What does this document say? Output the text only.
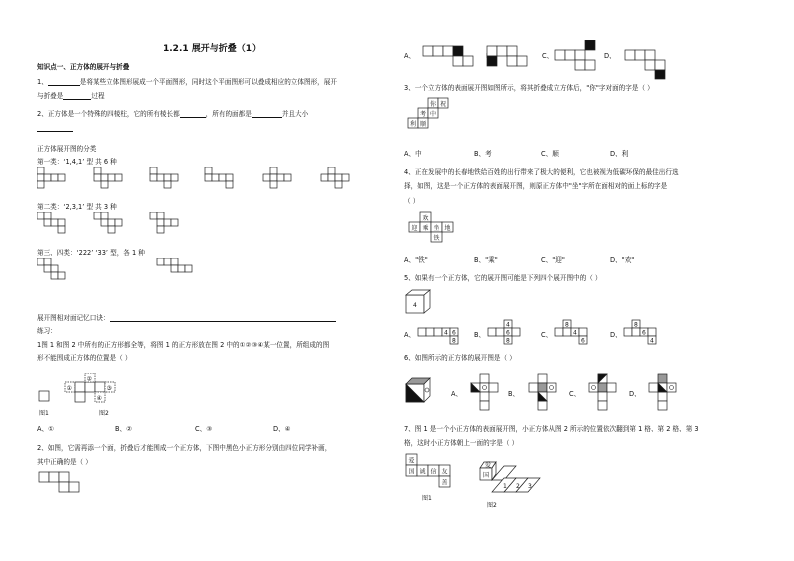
1.2.1 展开与折叠（1）
知识点一、正方体的展开与折叠
1、	是将某些立体图形展成一个平面图形，同时这个平面图形可以叠成相应的立体图形，展开
与折叠是	过程
2、正方体是一个特殊的四棱柱，它的所有棱长都	，所有的面都是	并且大小
正方体展开图的分类
第一类：‘1,4,1’ 型 共 6 种
第二类：‘2,3,1’ 型 共 3 种
第三、四类：‘222’ ‘33’ 型，各 1 种
展开图相对面记忆口诀：
练习：
1图 1 和图 2 中所有的正方形都全等，将图 1 的正方形放在图 2 中的①②③④某一位置，所组成的图
形不能围成正方体的位置是（ ）
②
①	③
④
图1	图2
A、①	B、②	C、③	D、④
2、如图，它需再添一个面，折叠后才能围成一个正方体，下图中黑色小正方形分别由四位同学补画，
其中正确的是（ ）
A、	C、	D、
3、一个立方体的表面展开图如图所示，将其折叠成立方体后，"你"字对面的字是（ ）
你 祝
考 中
利 顺
A、中	B、考	C、顺	D、利
4、正在发展中的长春地铁给百姓的出行带来了极大的便利，它也被视为低碳环保的最佳出行选
择，如图，这是一个正方体的表面展开图，则原正方体中"坐"字所在面相对的面上标的字是
（ ）
欢
迎 乘 坐 地
铁
A、"铁"	B、"乘"	C、"迎"	D、"欢"
5、如果有一个正方体，它的展开图可能是下列四个展开图中的（ ）
4
A、	B、	C、	D、
4 6
8
4
6
8
8
4
6
8
6
4
6、如图所示的正方体的展开图是（ ）
A、	B、	C、	D、
7、图 1 是一个小正方体的表面展开图，小正方体从图 2 所示的位置依次翻到第 1 格、第 2 格、第 3
格，这时小正方体朝上一面的字是（ ）
爱
国 诚 信 友
善
图1
爱
国
1 2 3
图2
